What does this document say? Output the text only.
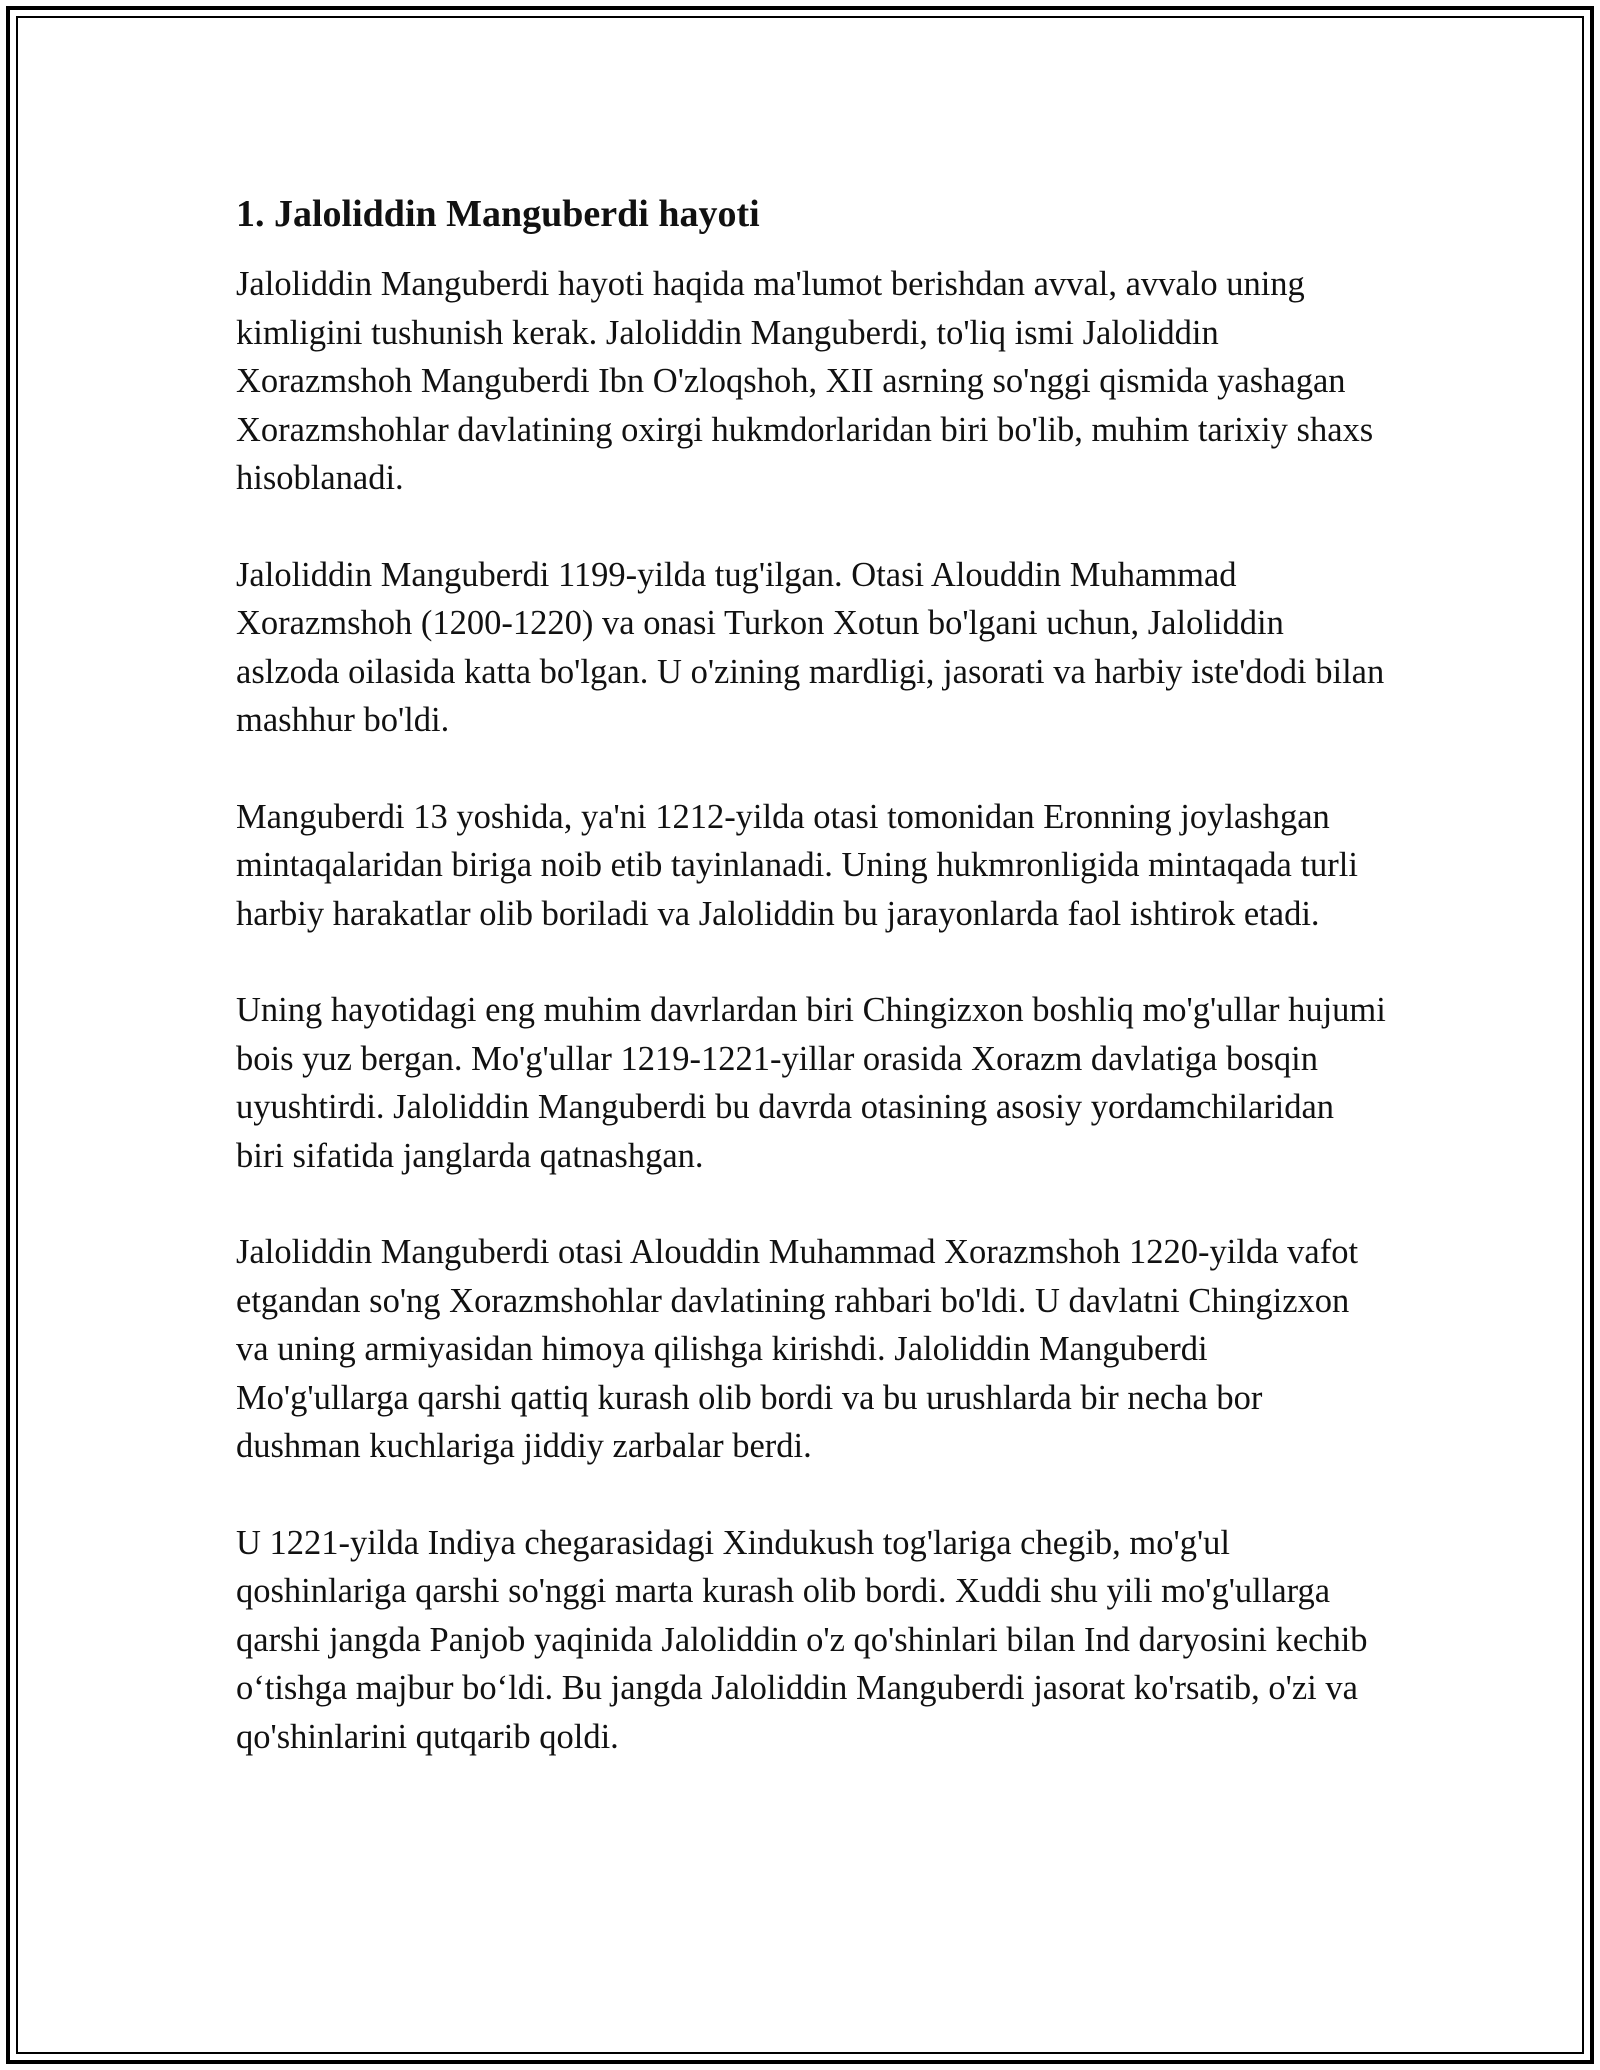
1. Jaloliddin Manguberdi hayoti

Jaloliddin Manguberdi hayoti haqida ma'lumot berishdan avval, avvalo uning kimligini tushunish kerak. Jaloliddin Manguberdi, to'liq ismi Jaloliddin Xorazmshoh Manguberdi Ibn O'zloqshoh, XII asrning so'nggi qismida yashagan Xorazmshohlar davlatining oxirgi hukmdorlaridan biri bo'lib, muhim tarixiy shaxs hisoblanadi.

Jaloliddin Manguberdi 1199-yilda tug'ilgan. Otasi Alouddin Muhammad Xorazmshoh (1200-1220) va onasi Turkon Xotun bo'lgani uchun, Jaloliddin aslzoda oilasida katta bo'lgan. U o'zining mardligi, jasorati va harbiy iste'dodi bilan mashhur bo'ldi.

Manguberdi 13 yoshida, ya'ni 1212-yilda otasi tomonidan Eronning joylashgan mintaqalaridan biriga noib etib tayinlanadi. Uning hukmronligida mintaqada turli harbiy harakatlar olib boriladi va Jaloliddin bu jarayonlarda faol ishtirok etadi.

Uning hayotidagi eng muhim davrlardan biri Chingizxon boshliq mo'g'ullar hujumi bois yuz bergan. Mo'g'ullar 1219-1221-yillar orasida Xorazm davlatiga bosqin uyushtirdi. Jaloliddin Manguberdi bu davrda otasining asosiy yordamchilaridan biri sifatida janglarda qatnashgan.

Jaloliddin Manguberdi otasi Alouddin Muhammad Xorazmshoh 1220-yilda vafot etgandan so'ng Xorazmshohlar davlatining rahbari bo'ldi. U davlatni Chingizxon va uning armiyasidan himoya qilishga kirishdi. Jaloliddin Manguberdi Mo'g'ullarga qarshi qattiq kurash olib bordi va bu urushlarda bir necha bor dushman kuchlariga jiddiy zarbalar berdi.

U 1221-yilda Indiya chegarasidagi Xindukush tog'lariga chegib, mo'g'ul qoshinlariga qarshi so'nggi marta kurash olib bordi. Xuddi shu yili mo'g'ullarga qarshi jangda Panjob yaqinida Jaloliddin o'z qo'shinlari bilan Ind daryosini kechib o‘tishga majbur bo‘ldi. Bu jangda Jaloliddin Manguberdi jasorat ko'rsatib, o'zi va qo'shinlarini qutqarib qoldi.
